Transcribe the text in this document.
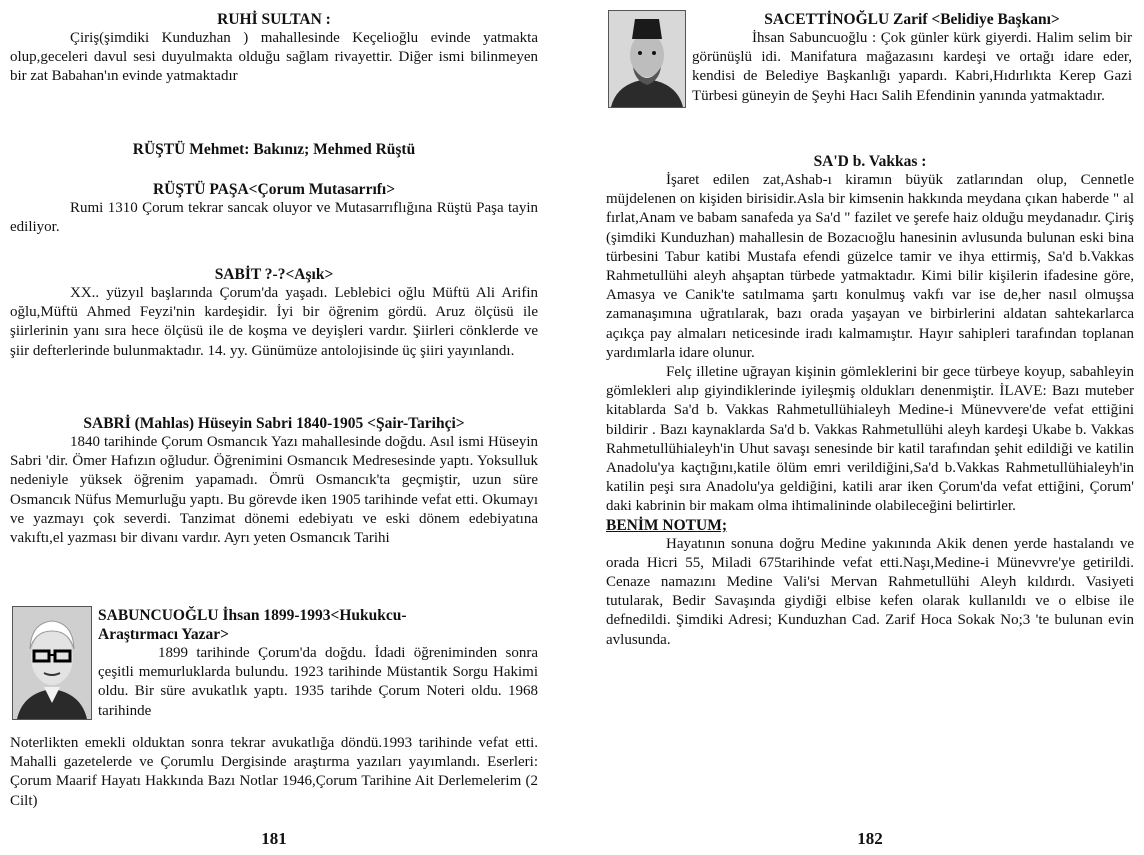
RUHİ SULTAN :

Çiriş(şimdiki Kunduzhan ) mahallesinde Keçelioğlu evinde yatmakta olup,geceleri davul sesi duyulmakta olduğu sağlam rivayettir. Diğer ismi bilinmeyen bir zat Babahan'ın evinde yatmaktadır

RÜŞTÜ Mehmet: Bakınız; Mehmed Rüştü

RÜŞTÜ PAŞA<Çorum Mutasarrıfı>

Rumi 1310 Çorum tekrar sancak oluyor ve Mutasarrıflığına Rüştü Paşa tayin ediliyor.

SABİT ?-?<Aşık>

XX.. yüzyıl başlarında Çorum'da yaşadı. Leblebici oğlu Müftü Ali Arifin oğlu,Müftü Ahmed Feyzi'nin kardeşidir. İyi bir öğrenim gördü. Aruz ölçüsü ile şiirlerinin yanı sıra hece ölçüsü ile de koşma ve deyişleri vardır. Şiirleri cönklerde ve şiir defterlerinde bulunmaktadır. 14. yy. Günümüze antolojisinde üç şiiri yayınlandı.

SABRİ (Mahlas) Hüseyin Sabri 1840-1905 <Şair-Tarihçi>

1840 tarihinde Çorum Osmancık Yazı mahallesinde doğdu. Asıl ismi Hüseyin Sabri 'dir. Ömer Hafızın oğludur. Öğrenimini Osmancık Medresesinde yaptı. Yoksulluk nedeniyle yüksek öğrenim yapamadı. Ömrü Osmancık'ta geçmiştir, uzun süre Osmancık Nüfus Memurluğu yaptı. Bu görevde iken 1905 tarihinde vefat etti. Okumayı ve yazmayı çok severdi. Tanzimat dönemi edebiyatı ve eski dönem edebiyatına vakıftı,el yazması bir divanı vardır. Ayrı yeten Osmancık Tarihi

SABUNCUOĞLU İhsan 1899-1993<Hukukcu-

Araştırmacı Yazar>

1899 tarihinde Çorum'da doğdu. İdadi öğreniminden sonra çeşitli memurluklarda bulundu. 1923 tarihinde Müstantik Sorgu Hakimi oldu. Bir süre avukatlık yaptı. 1935 tarihde Çorum Noteri oldu. 1968 tarihinde

Noterlikten emekli olduktan sonra tekrar avukatlığa döndü.1993 tarihinde vefat etti. Mahalli gazetelerde ve Çorumlu Dergisinde araştırma yazıları yayımlandı. Eserleri: Çorum Maarif Hayatı Hakkında Bazı Notlar 1946,Çorum Tarihine Ait Derlemelerim (2 Cilt)

181

SACETTİNOĞLU Zarif <Belidiye Başkanı>

İhsan Sabuncuoğlu : Çok günler kürk giyerdi. Halim selim bir görünüşlü idi. Manifatura mağazasını kardeşi ve ortağı idare eder, kendisi de Belediye Başkanlığı yapardı. Kabri,Hıdırlıkta Kerep Gazi Türbesi güneyin de Şeyhi Hacı Salih Efendinin yanında yatmaktadır.

SA'D b. Vakkas :

İşaret edilen zat,Ashab-ı kiramın büyük zatlarından olup, Cennetle müjdelenen on kişiden birisidir.Asla bir kimsenin hakkında meydana çıkan haberde " al fırlat,Anam ve babam sanafeda ya Sa'd " fazilet ve şerefe haiz olduğu meydanadır. Çiriş (şimdiki Kunduzhan) mahallesin de Bozacıoğlu hanesinin avlusunda bulunan eski bina türbesini Tabur katibi Mustafa efendi güzelce tamir ve ihya ettirmiş, Sa'd b.Vakkas Rahmetullühi aleyh ahşaptan türbede yatmaktadır. Kimi bilir kişilerin ifadesine göre, Amasya ve Canik'te satılmama şartı konulmuş vakfı var ise de,her nasıl olmuşsa zamanaşımına uğratılarak, bazı orada yaşayan ve birbirlerini aldatan sahtekarlarca açıkça pay almaları neticesinde iradı kalmamıştır. Hayır sahipleri tarafından toplanan yardımlarla idare olunur.

Felç illetine uğrayan kişinin gömleklerini bir gece türbeye koyup, sabahleyin gömlekleri alıp giyindiklerinde iyileşmiş oldukları denenmiştir. İLAVE: Bazı muteber kitablarda Sa'd b. Vakkas Rahmetullühialeyh Medine-i Münevvere'de vefat ettiğini bildirir . Bazı kaynaklarda Sa'd b. Vakkas Rahmetullühi aleyh kardeşi Ukabe b. Vakkas Rahmetullühialeyh'in Uhut savaşı senesinde bir katil tarafından şehit edildiği ve katilin Anadolu'ya kaçtığını,katile ölüm emri verildiğini,Sa'd b.Vakkas Rahmetullühialeyh'in katilin peşi sıra Anadolu'ya geldiğini, katili arar iken Çorum'da vefat ettiğini, Çorum' daki kabrinin bir makam olma ihtimalininde olabileceğini belirtirler.

BENİM NOTUM;

Hayatının sonuna doğru Medine yakınında Akik denen yerde hastalandı ve orada Hicri 55, Miladi 675tarihinde vefat etti.Naşı,Medine-i Münevvre'ye getirildi. Cenaze namazını Medine Vali'si Mervan Rahmetullühi Aleyh kıldırdı. Vasiyeti tutularak, Bedir Savaşında giydiği elbise kefen olarak kullanıldı ve o elbise ile defnedildi. Şimdiki Adresi; Kunduzhan Cad. Zarif Hoca Sokak No;3 'te bulunan evin avlusunda.

182
